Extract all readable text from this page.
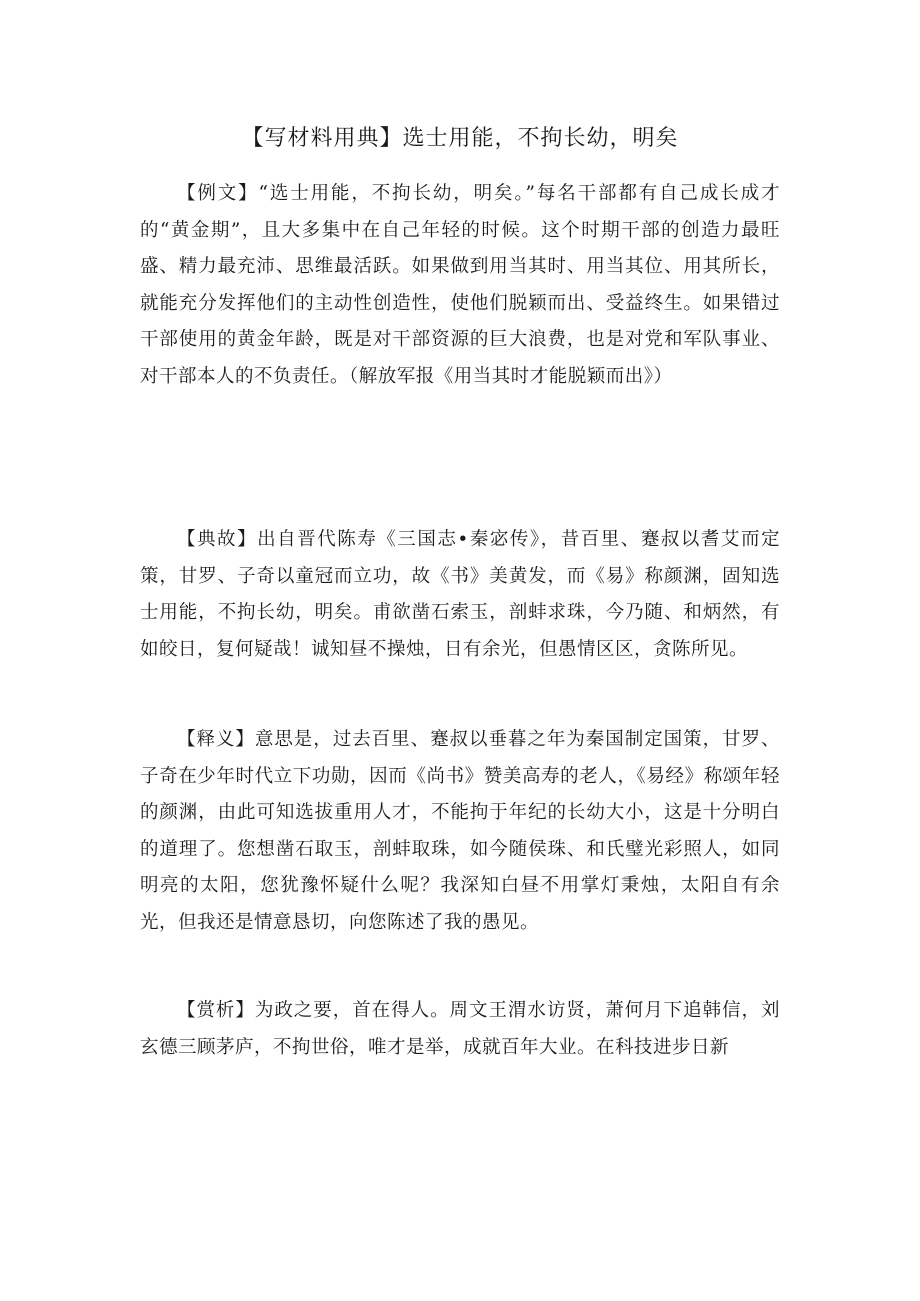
【写材料用典】选士用能，不拘长幼，明矣
【例文】“选士用能，不拘长幼，明矣。”每名干部都有自己成长成才的“黄金期”，且大多集中在自己年轻的时候。这个时期干部的创造力最旺盛、精力最充沛、思维最活跃。如果做到用当其时、用当其位、用其所长，就能充分发挥他们的主动性创造性，使他们脱颖而出、受益终生。如果错过干部使用的黄金年龄，既是对干部资源的巨大浪费，也是对党和军队事业、对干部本人的不负责任。（解放军报《用当其时才能脱颖而出》）
【典故】出自晋代陈寿《三国志•秦宓传》，昔百里、蹇叔以耆艾而定策，甘罗、子奇以童冠而立功，故《书》美黄发，而《易》称颜渊，固知选士用能，不拘长幼，明矣。甫欲凿石索玉，剖蚌求珠，今乃随、和炳然，有如皎日，复何疑哉！诚知昼不操烛，日有余光，但愚情区区，贪陈所见。
【释义】意思是，过去百里、蹇叔以垂暮之年为秦国制定国策，甘罗、子奇在少年时代立下功勋，因而《尚书》赞美高寿的老人，《易经》称颂年轻的颜渊，由此可知选拔重用人才，不能拘于年纪的长幼大小，这是十分明白的道理了。您想凿石取玉，剖蚌取珠，如今随侯珠、和氏璧光彩照人，如同明亮的太阳，您犹豫怀疑什么呢？我深知白昼不用掌灯秉烛，太阳自有余光，但我还是情意恳切，向您陈述了我的愚见。
【赏析】为政之要，首在得人。周文王渭水访贤，萧何月下追韩信，刘玄德三顾茅庐，不拘世俗，唯才是举，成就百年大业。在科技进步日新
